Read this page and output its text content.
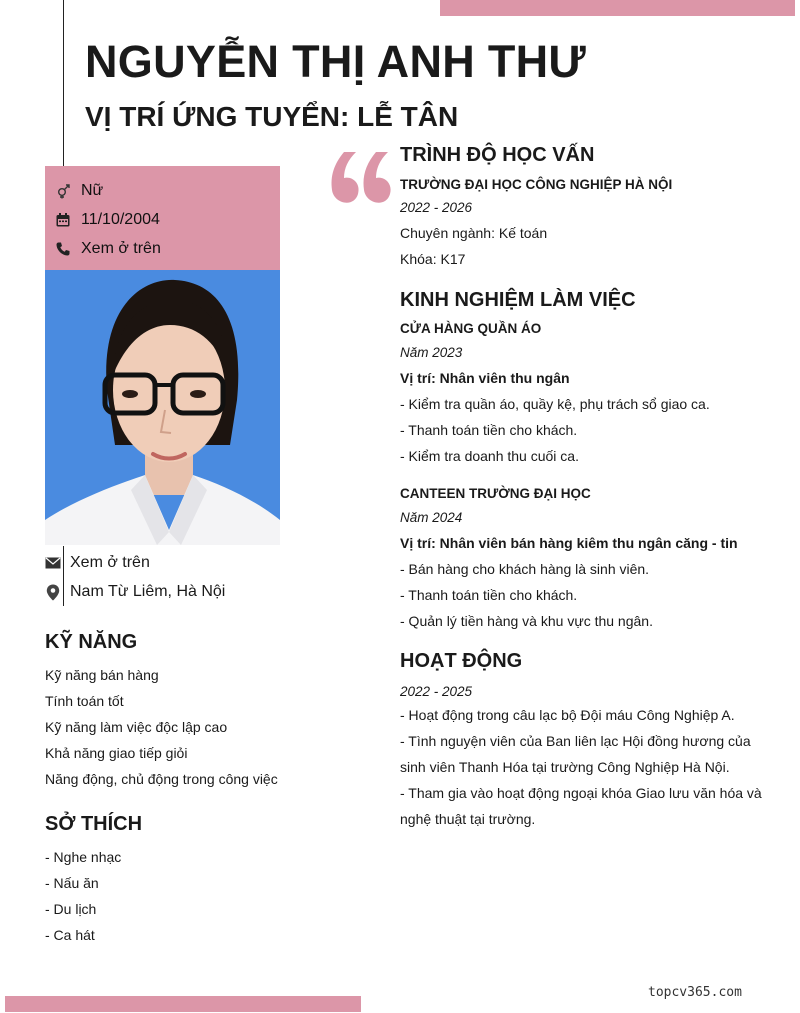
NGUYỄN THỊ ANH THƯ
VỊ TRÍ ỨNG TUYỂN: LỄ TÂN
Nữ
11/10/2004
Xem ở trên
Xem ở trên
Nam Từ Liêm, Hà Nội
KỸ NĂNG
Kỹ năng bán hàng
Tính toán tốt
Kỹ năng làm việc độc lập cao
Khả năng giao tiếp giỏi
Năng động, chủ động trong công việc
SỞ THÍCH
- Nghe nhạc
- Nấu ăn
- Du lịch
- Ca hát
TRÌNH ĐỘ HỌC VẤN
TRƯỜNG ĐẠI HỌC CÔNG NGHIỆP HÀ NỘI
2022 - 2026
Chuyên ngành: Kế toán
Khóa: K17
KINH NGHIỆM LÀM VIỆC
CỬA HÀNG QUẦN ÁO
Năm 2023
Vị trí: Nhân viên thu ngân
- Kiểm tra quần áo, quầy kệ, phụ trách sổ giao ca.
- Thanh toán tiền cho khách.
- Kiểm tra doanh thu cuối ca.
CANTEEN TRƯỜNG ĐẠI HỌC
Năm 2024
Vị trí: Nhân viên bán hàng kiêm thu ngân căng - tin
- Bán hàng cho khách hàng là sinh viên.
- Thanh toán tiền cho khách.
- Quản lý tiền hàng và khu vực thu ngân.
HOẠT ĐỘNG
2022 - 2025
- Hoạt động trong câu lạc bộ Đội máu Công Nghiệp A.
- Tình nguyện viên của Ban liên lạc Hội đồng hương của
sinh viên Thanh Hóa tại trường Công Nghiệp Hà Nội.
- Tham gia vào hoạt động ngoại khóa Giao lưu văn hóa và
nghệ thuật tại trường.
topcv365.com
